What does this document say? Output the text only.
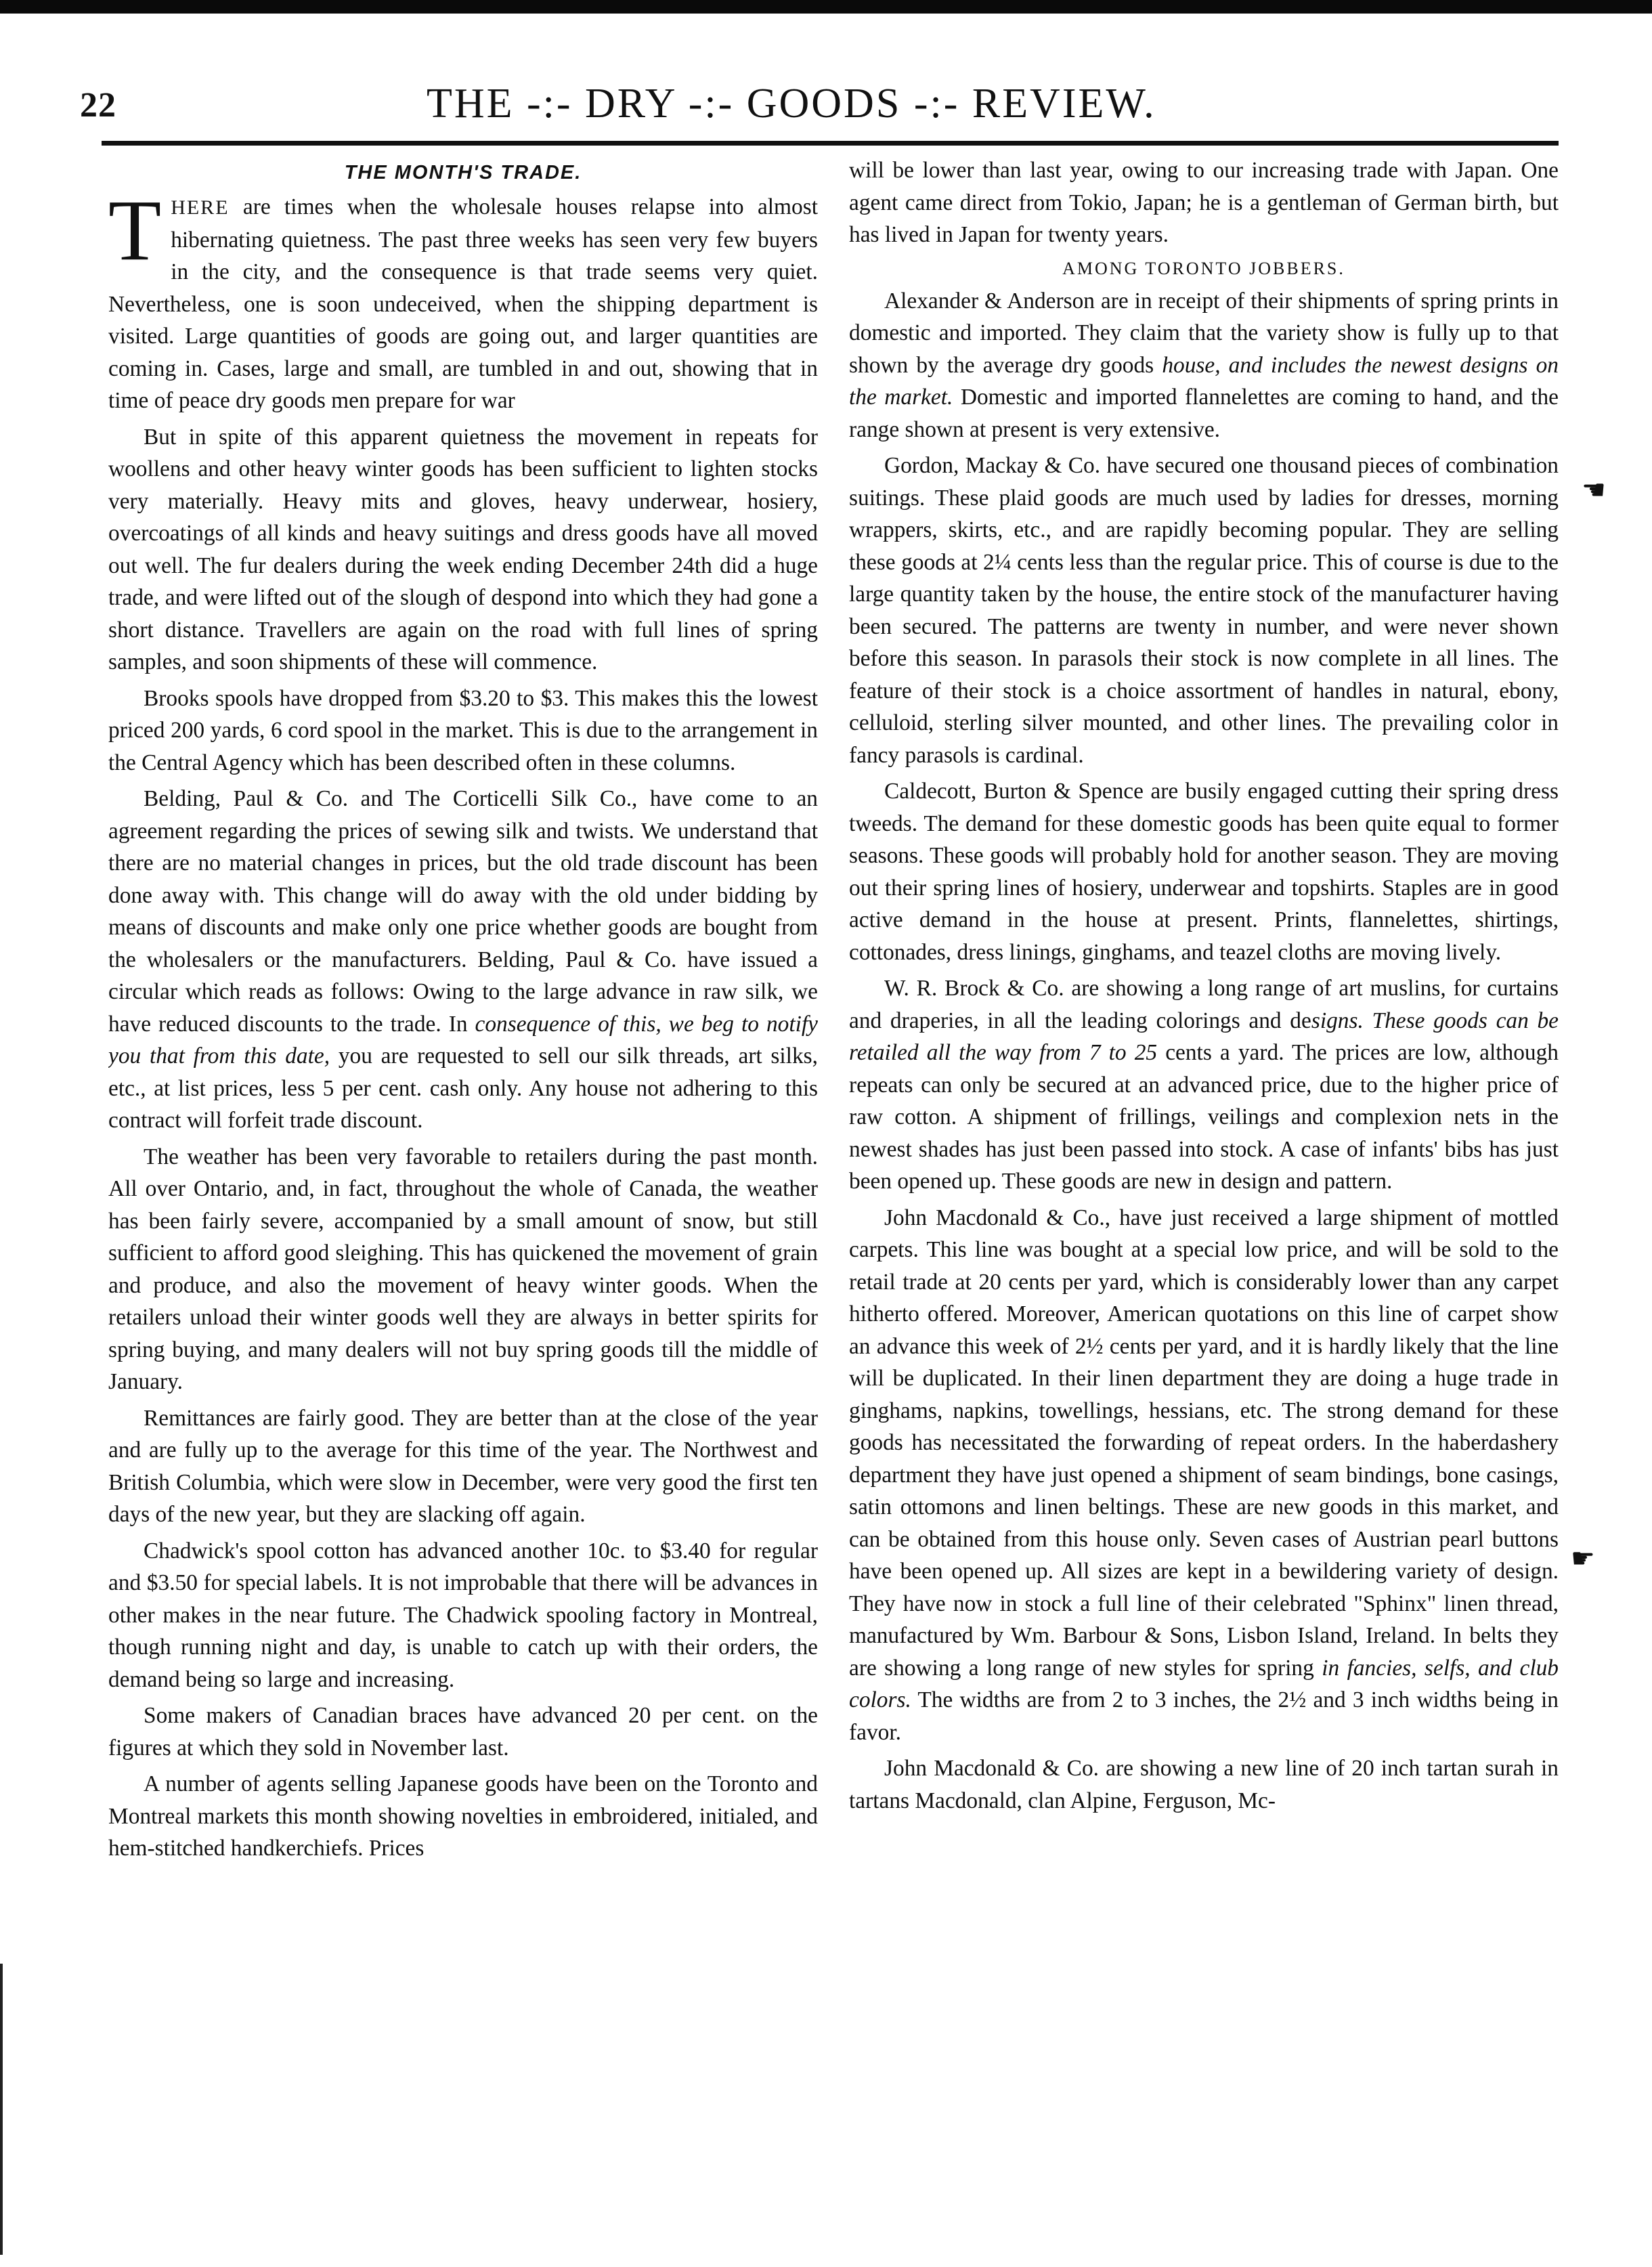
22	THE -:- DRY -:- GOODS -:- REVIEW.
THE MONTH'S TRADE.

THERE are times when the wholesale houses relapse into almost hibernating quietness. The past three weeks has seen very few buyers in the city, and the consequence is that trade seems very quiet. Nevertheless, one is soon undeceived, when the shipping department is visited. Large quantities of goods are going out, and larger quantities are coming in. Cases, large and small, are tumbled in and out, showing that in time of peace dry goods men prepare for war

But in spite of this apparent quietness the movement in repeats for woollens and other heavy winter goods has been sufficient to lighten stocks very materially. Heavy mits and gloves, heavy underwear, hosiery, overcoatings of all kinds and heavy suitings and dress goods have all moved out well. The fur dealers during the week ending December 24th did a huge trade, and were lifted out of the slough of despond into which they had gone a short distance. Travellers are again on the road with full lines of spring samples, and soon shipments of these will commence.

Brooks spools have dropped from $3.20 to $3. This makes this the lowest priced 200 yards, 6 cord spool in the market. This is due to the arrangement in the Central Agency which has been described often in these columns.

Belding, Paul & Co. and The Corticelli Silk Co., have come to an agreement regarding the prices of sewing silk and twists. We understand that there are no material changes in prices, but the old trade discount has been done away with. This change will do away with the old under bidding by means of discounts and make only one price whether goods are bought from the wholesalers or the manufacturers. Belding, Paul & Co. have issued a circular which reads as follows: Owing to the large advance in raw silk, we have reduced discounts to the trade. In consequence of this, we beg to notify you that from this date, you are requested to sell our silk threads, art silks, etc., at list prices, less 5 per cent. cash only. Any house not adhering to this contract will forfeit trade discount.

The weather has been very favorable to retailers during the past month. All over Ontario, and, in fact, throughout the whole of Canada, the weather has been fairly severe, accompanied by a small amount of snow, but still sufficient to afford good sleighing. This has quickened the movement of grain and produce, and also the movement of heavy winter goods. When the retailers unload their winter goods well they are always in better spirits for spring buying, and many dealers will not buy spring goods till the middle of January.

Remittances are fairly good. They are better than at the close of the year and are fully up to the average for this time of the year. The Northwest and British Columbia, which were slow in December, were very good the first ten days of the new year, but they are slacking off again.

Chadwick's spool cotton has advanced another 10c. to $3.40 for regular and $3.50 for special labels. It is not improbable that there will be advances in other makes in the near future. The Chadwick spooling factory in Montreal, though running night and day, is unable to catch up with their orders, the demand being so large and increasing.

Some makers of Canadian braces have advanced 20 per cent. on the figures at which they sold in November last.

A number of agents selling Japanese goods have been on the Toronto and Montreal markets this month showing novelties in embroidered, initialed, and hem-stitched handkerchiefs. Prices

will be lower than last year, owing to our increasing trade with Japan. One agent came direct from Tokio, Japan; he is a gentleman of German birth, but has lived in Japan for twenty years.

AMONG TORONTO JOBBERS.

Alexander & Anderson are in receipt of their shipments of spring prints in domestic and imported. They claim that the variety show is fully up to that shown by the average dry goods house, and includes the newest designs on the market. Domestic and imported flannelettes are coming to hand, and the range shown at present is very extensive.

Gordon, Mackay & Co. have secured one thousand pieces of combination suitings. These plaid goods are much used by ladies for dresses, morning wrappers, skirts, etc., and are rapidly becoming popular. They are selling these goods at 2¼ cents less than the regular price. This of course is due to the large quantity taken by the house, the entire stock of the manufacturer having been secured. The patterns are twenty in number, and were never shown before this season. In parasols their stock is now complete in all lines. The feature of their stock is a choice assortment of handles in natural, ebony, celluloid, sterling silver mounted, and other lines. The prevailing color in fancy parasols is cardinal.

Caldecott, Burton & Spence are busily engaged cutting their spring dress tweeds. The demand for these domestic goods has been quite equal to former seasons. These goods will probably hold for another season. They are moving out their spring lines of hosiery, underwear and topshirts. Staples are in good active demand in the house at present. Prints, flannelettes, shirtings, cottonades, dress linings, ginghams, and teazel cloths are moving lively.

W. R. Brock & Co. are showing a long range of art muslins, for curtains and draperies, in all the leading colorings and designs. These goods can be retailed all the way from 7 to 25 cents a yard. The prices are low, although repeats can only be secured at an advanced price, due to the higher price of raw cotton. A shipment of frillings, veilings and complexion nets in the newest shades has just been passed into stock. A case of infants' bibs has just been opened up. These goods are new in design and pattern.

John Macdonald & Co., have just received a large shipment of mottled carpets. This line was bought at a special low price, and will be sold to the retail trade at 20 cents per yard, which is considerably lower than any carpet hitherto offered. Moreover, American quotations on this line of carpet show an advance this week of 2½ cents per yard, and it is hardly likely that the line will be duplicated. In their linen department they are doing a huge trade in ginghams, napkins, towellings, hessians, etc. The strong demand for these goods has necessitated the forwarding of repeat orders. In the haberdashery department they have just opened a shipment of seam bindings, bone casings, satin ottomons and linen beltings. These are new goods in this market, and can be obtained from this house only. Seven cases of Austrian pearl buttons have been opened up. All sizes are kept in a bewildering variety of design. They have now in stock a full line of their celebrated "Sphinx" linen thread, manufactured by Wm. Barbour & Sons, Lisbon Island, Ireland. In belts they are showing a long range of new styles for spring in fancies, selfs, and club colors. The widths are from 2 to 3 inches, the 2½ and 3 inch widths being in favor.

John Macdonald & Co. are showing a new line of 20 inch tartan surah in tartans Macdonald, clan Alpine, Ferguson, Mc-

☚
☛
